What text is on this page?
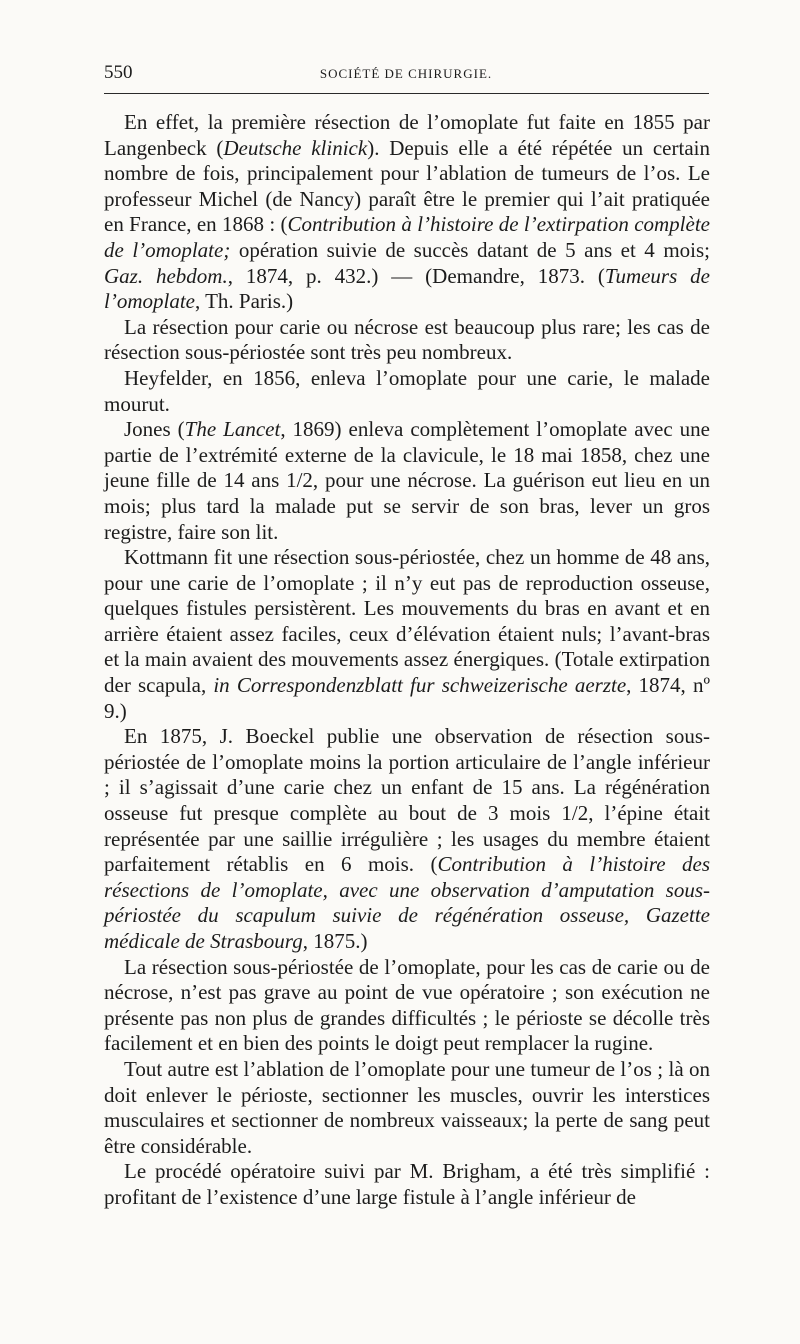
550	SOCIÉTÉ DE CHIRURGIE.

En effet, la première résection de l’omoplate fut faite en 1855 par Langenbeck (Deutsche klinick). Depuis elle a été répétée un certain nombre de fois, principalement pour l’ablation de tumeurs de l’os. Le professeur Michel (de Nancy) paraît être le premier qui l’ait pratiquée en France, en 1868 : (Contribution à l’histoire de l’extirpation complète de l’omoplate; opération suivie de succès datant de 5 ans et 4 mois; Gaz. hebdom., 1874, p. 432.) — (Demandre, 1873. (Tumeurs de l’omoplate, Th. Paris.)

La résection pour carie ou nécrose est beaucoup plus rare; les cas de résection sous-périostée sont très peu nombreux.

Heyfelder, en 1856, enleva l’omoplate pour une carie, le malade mourut.

Jones (The Lancet, 1869) enleva complètement l’omoplate avec une partie de l’extrémité externe de la clavicule, le 18 mai 1858, chez une jeune fille de 14 ans 1/2, pour une nécrose. La guérison eut lieu en un mois; plus tard la malade put se servir de son bras, lever un gros registre, faire son lit.

Kottmann fit une résection sous-périostée, chez un homme de 48 ans, pour une carie de l’omoplate ; il n’y eut pas de reproduction osseuse, quelques fistules persistèrent. Les mouvements du bras en avant et en arrière étaient assez faciles, ceux d’élévation étaient nuls; l’avant-bras et la main avaient des mouvements assez énergiques. (Totale extirpation der scapula, in Correspondenzblatt fur schweizerische aerzte, 1874, nº 9.)

En 1875, J. Boeckel publie une observation de résection sous-périostée de l’omoplate moins la portion articulaire de l’angle inférieur ; il s’agissait d’une carie chez un enfant de 15 ans. La régénération osseuse fut presque complète au bout de 3 mois 1/2, l’épine était représentée par une saillie irrégulière ; les usages du membre étaient parfaitement rétablis en 6 mois. (Contribution à l’histoire des résections de l’omoplate, avec une observation d’amputation sous-périostée du scapulum suivie de régénération osseuse, Gazette médicale de Strasbourg, 1875.)

La résection sous-périostée de l’omoplate, pour les cas de carie ou de nécrose, n’est pas grave au point de vue opératoire ; son exécution ne présente pas non plus de grandes difficultés ; le périoste se décolle très facilement et en bien des points le doigt peut remplacer la rugine.

Tout autre est l’ablation de l’omoplate pour une tumeur de l’os ; là on doit enlever le périoste, sectionner les muscles, ouvrir les interstices musculaires et sectionner de nombreux vaisseaux; la perte de sang peut être considérable.

Le procédé opératoire suivi par M. Brigham, a été très simplifié : profitant de l’existence d’une large fistule à l’angle inférieur de
